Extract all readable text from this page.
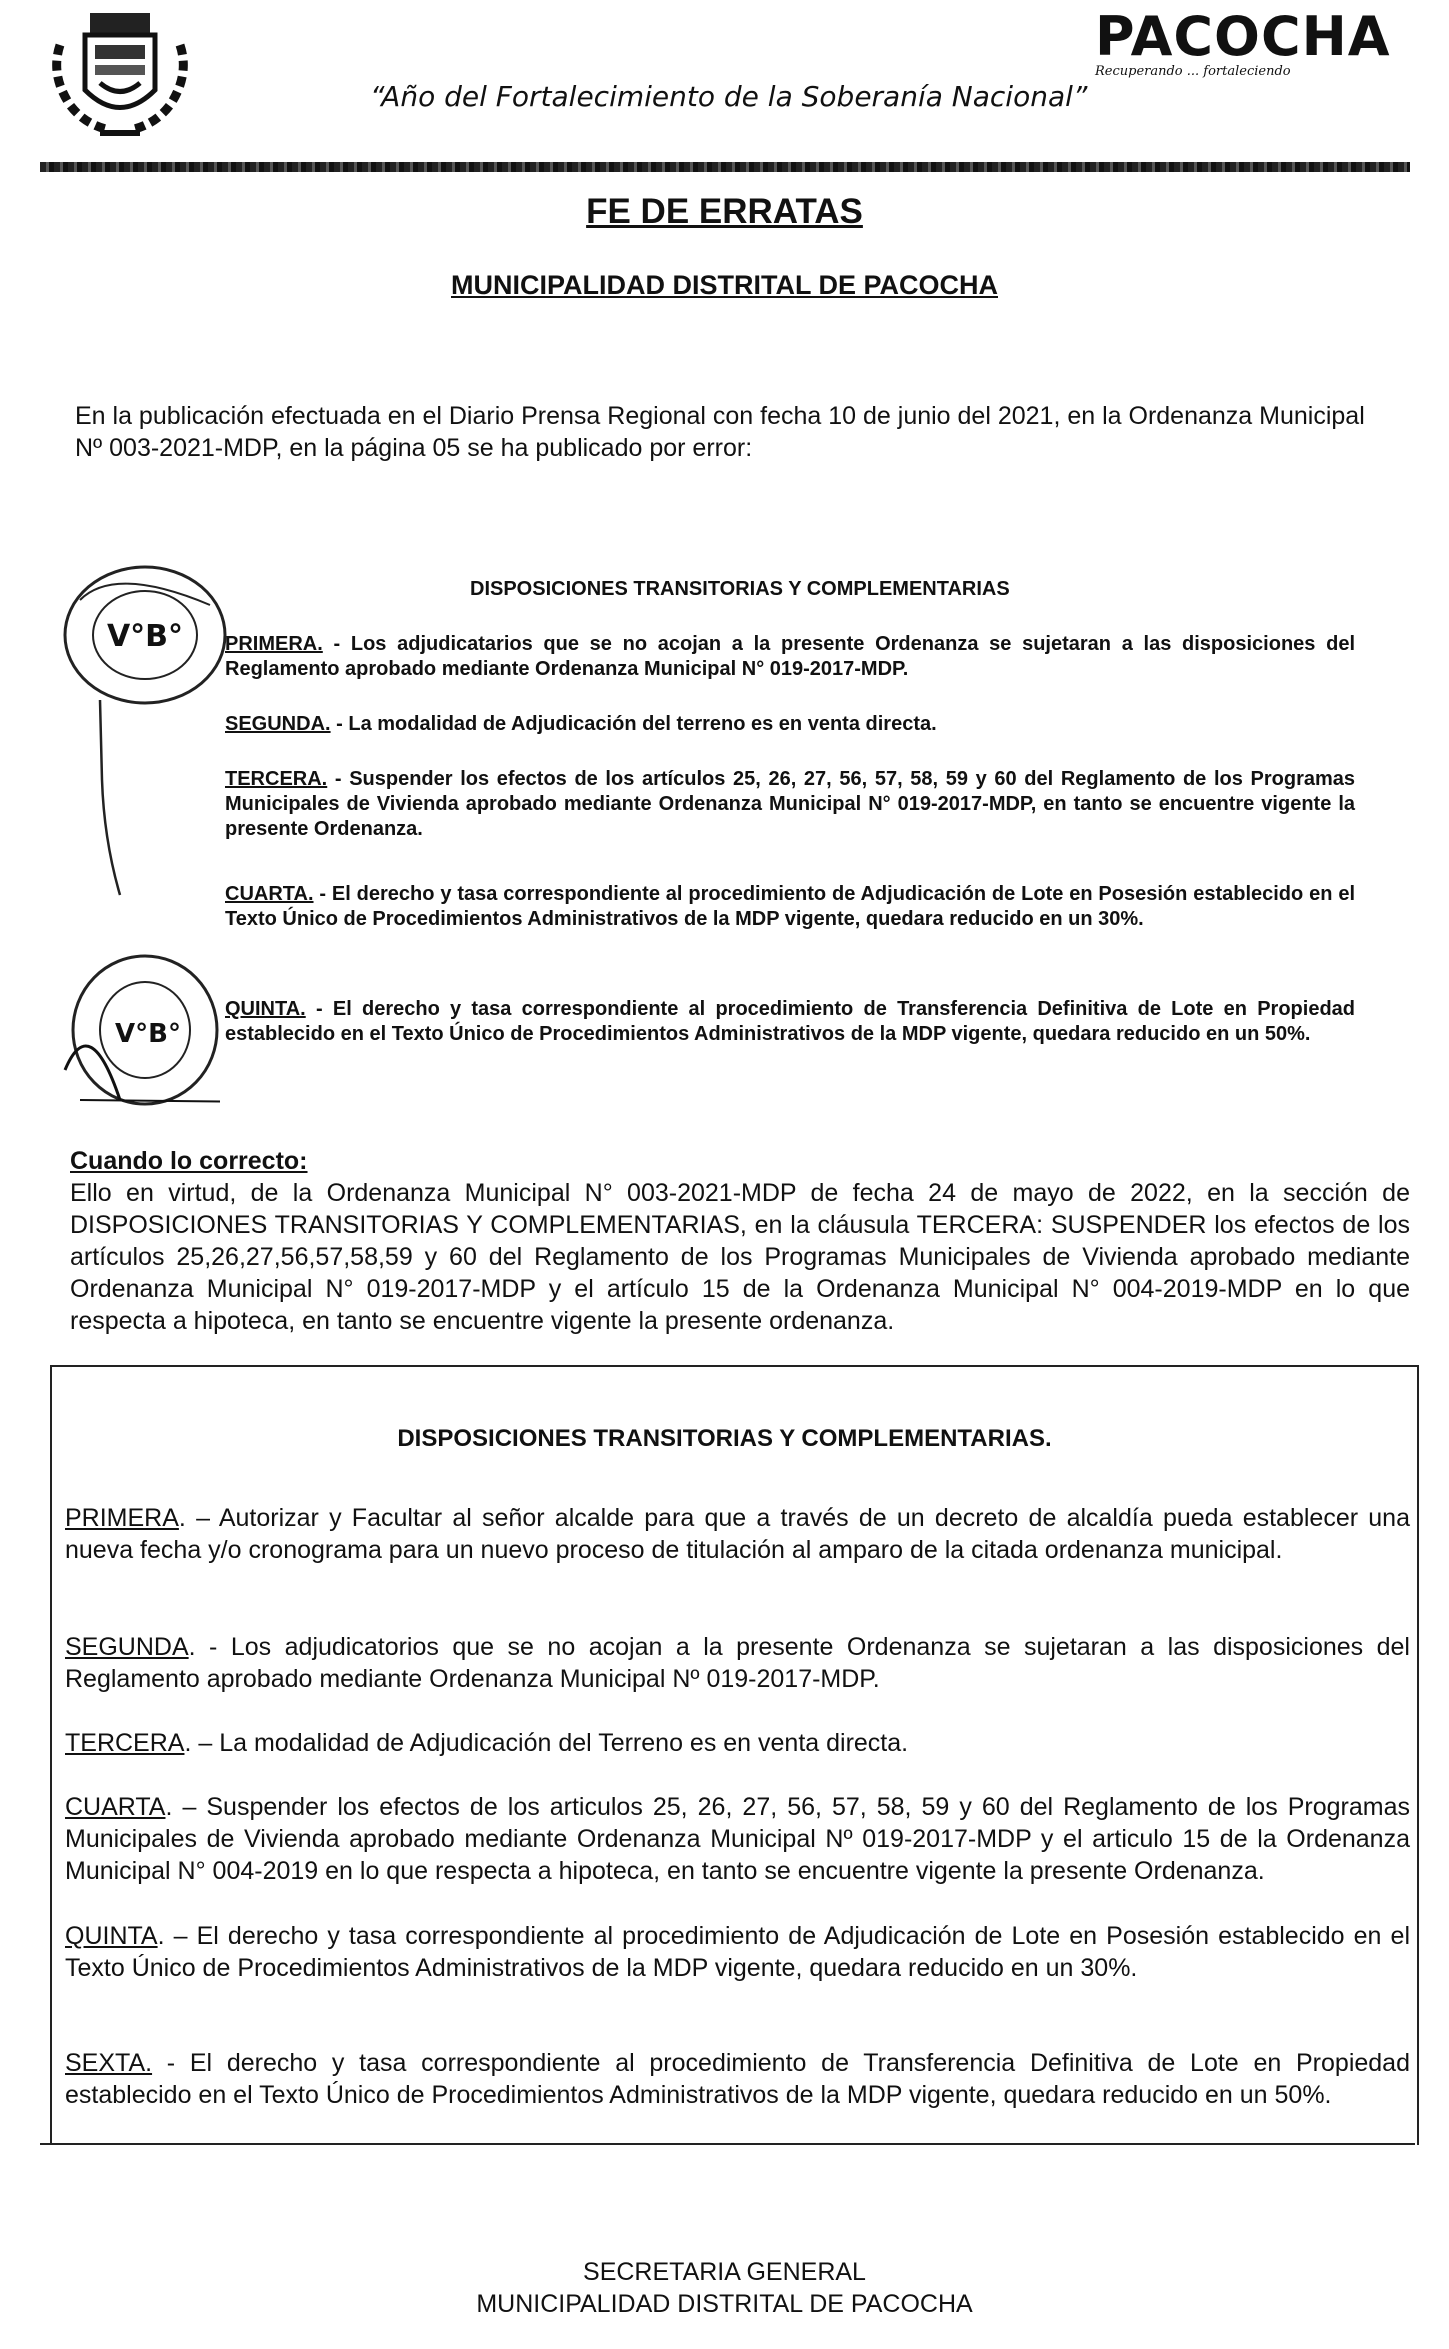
“Año del Fortalecimiento de la Soberanía Nacional”
PACOCHA
Recuperando ... fortaleciendo
FE DE ERRATAS
MUNICIPALIDAD DISTRITAL DE PACOCHA
En la publicación efectuada en el Diario Prensa Regional con fecha 10 de junio del 2021, en la Ordenanza Municipal Nº 003-2021-MDP, en la página 05 se ha publicado por error:
V°B°
V°B°
DISPOSICIONES TRANSITORIAS Y COMPLEMENTARIAS
PRIMERA. - Los adjudicatarios que se no acojan a la presente Ordenanza se sujetaran a las disposiciones del Reglamento aprobado mediante Ordenanza Municipal N° 019-2017-MDP.
SEGUNDA. - La modalidad de Adjudicación del terreno es en venta directa.
TERCERA. - Suspender los efectos de los artículos 25, 26, 27, 56, 57, 58, 59 y 60 del Reglamento de los Programas Municipales de Vivienda aprobado mediante Ordenanza Municipal N° 019-2017-MDP, en tanto se encuentre vigente la presente Ordenanza.
CUARTA. - El derecho y tasa correspondiente al procedimiento de Adjudicación de Lote en Posesión establecido en el Texto Único de Procedimientos Administrativos de la MDP vigente, quedara reducido en un 30%.
QUINTA. - El derecho y tasa correspondiente al procedimiento de Transferencia Definitiva de Lote en Propiedad establecido en el Texto Único de Procedimientos Administrativos de la MDP vigente, quedara reducido en un 50%.
Cuando lo correcto:
Ello en virtud, de la Ordenanza Municipal N° 003-2021-MDP de fecha 24 de mayo de 2022, en la sección de DISPOSICIONES TRANSITORIAS Y COMPLEMENTARIAS, en la cláusula TERCERA: SUSPENDER los efectos de los artículos 25,26,27,56,57,58,59 y 60 del Reglamento de los Programas Municipales de Vivienda aprobado mediante Ordenanza Municipal N° 019-2017-MDP y el artículo 15 de la Ordenanza Municipal N° 004-2019-MDP en lo que respecta a hipoteca, en tanto se encuentre vigente la presente ordenanza.
DISPOSICIONES TRANSITORIAS Y COMPLEMENTARIAS.
PRIMERA. – Autorizar y Facultar al señor alcalde para que a través de un decreto de alcaldía pueda establecer una nueva fecha y/o cronograma para un nuevo proceso de titulación al amparo de la citada ordenanza municipal.
SEGUNDA. - Los adjudicatorios que se no acojan a la presente Ordenanza se sujetaran a las disposiciones del Reglamento aprobado mediante Ordenanza Municipal Nº 019-2017-MDP.
TERCERA. – La modalidad de Adjudicación del Terreno es en venta directa.
CUARTA. – Suspender los efectos de los articulos 25, 26, 27, 56, 57, 58, 59 y 60 del Reglamento de los Programas Municipales de Vivienda aprobado mediante Ordenanza Municipal Nº 019-2017-MDP y el articulo 15 de la Ordenanza Municipal N° 004-2019 en lo que respecta a hipoteca, en tanto se encuentre vigente la presente Ordenanza.
QUINTA. – El derecho y tasa correspondiente al procedimiento de Adjudicación de Lote en Posesión establecido en el Texto Único de Procedimientos Administrativos de la MDP vigente, quedara reducido en un 30%.
SEXTA. - El derecho y tasa correspondiente al procedimiento de Transferencia Definitiva de Lote en Propiedad establecido en el Texto Único de Procedimientos Administrativos de la MDP vigente, quedara reducido en un 50%.
SECRETARIA GENERAL
MUNICIPALIDAD DISTRITAL DE PACOCHA
